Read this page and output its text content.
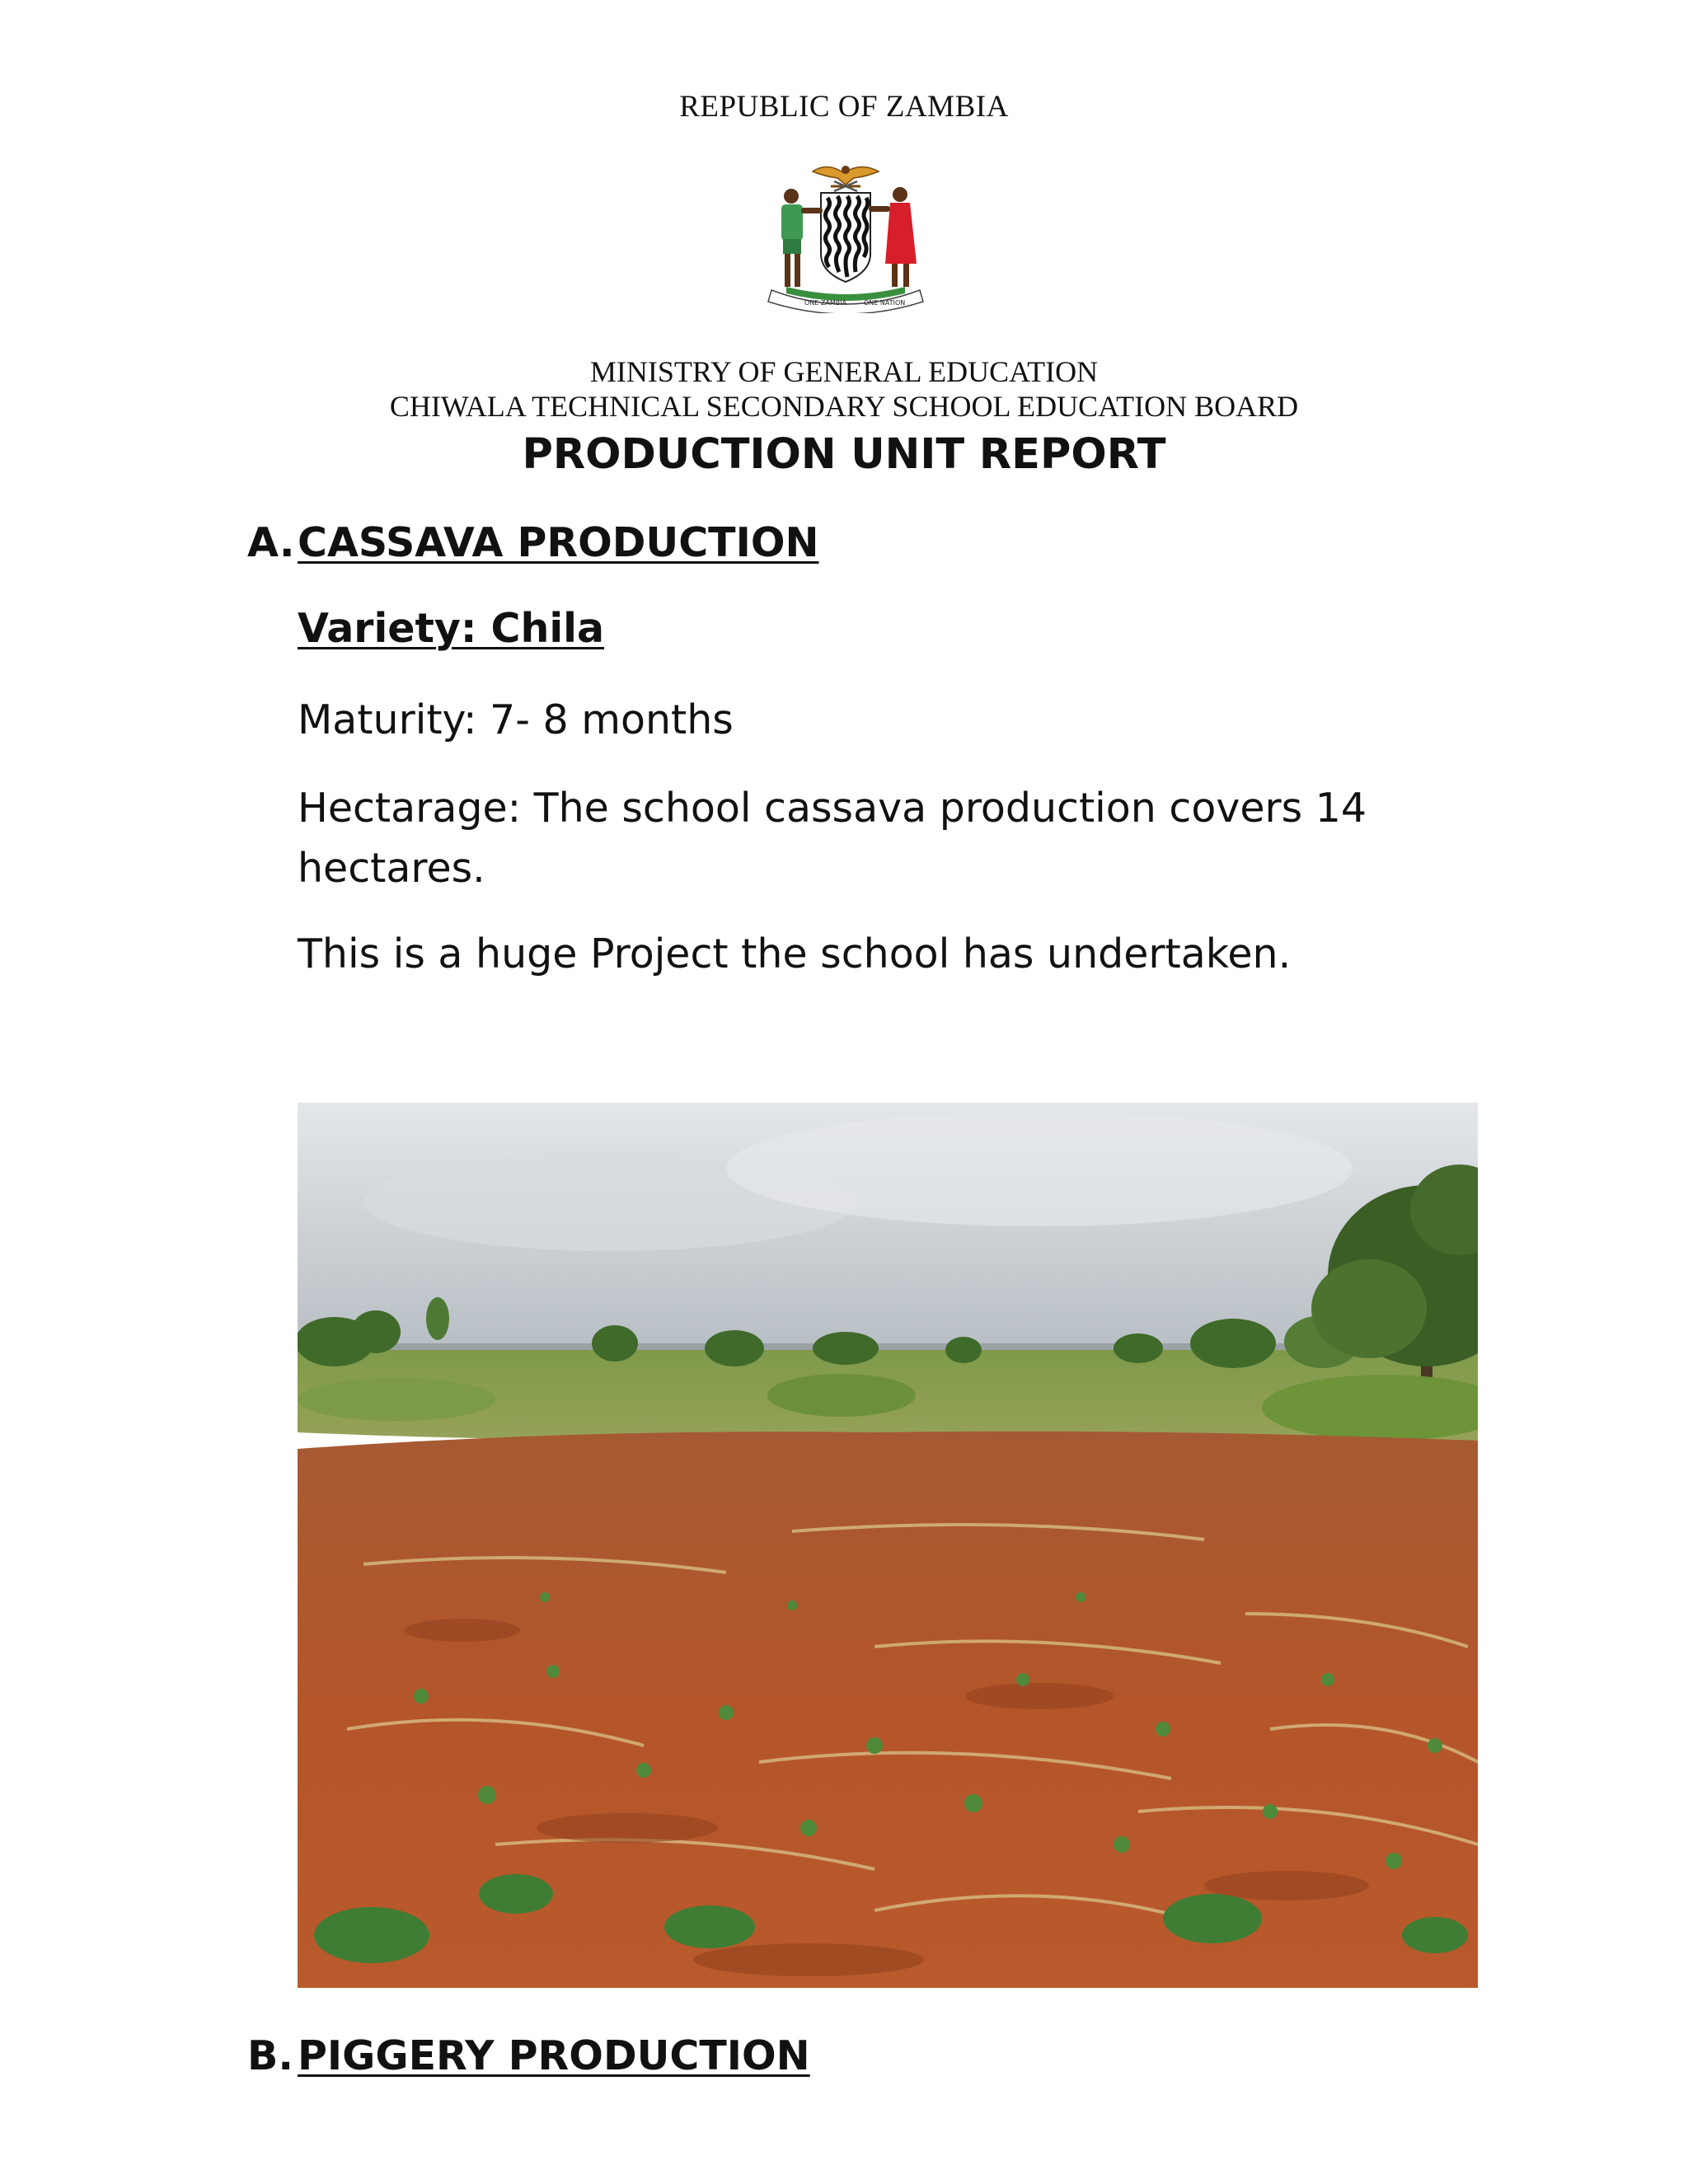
REPUBLIC OF ZAMBIA
ONE ZAMBIA	ONE NATION
MINISTRY OF GENERAL EDUCATION
CHIWALA TECHNICAL SECONDARY SCHOOL EDUCATION BOARD
PRODUCTION UNIT REPORT
A. CASSAVA PRODUCTION
Variety: Chila
Maturity: 7- 8 months
Hectarage: The school cassava production covers 14
hectares.
This is a huge Project the school has undertaken.
B. PIGGERY PRODUCTION
